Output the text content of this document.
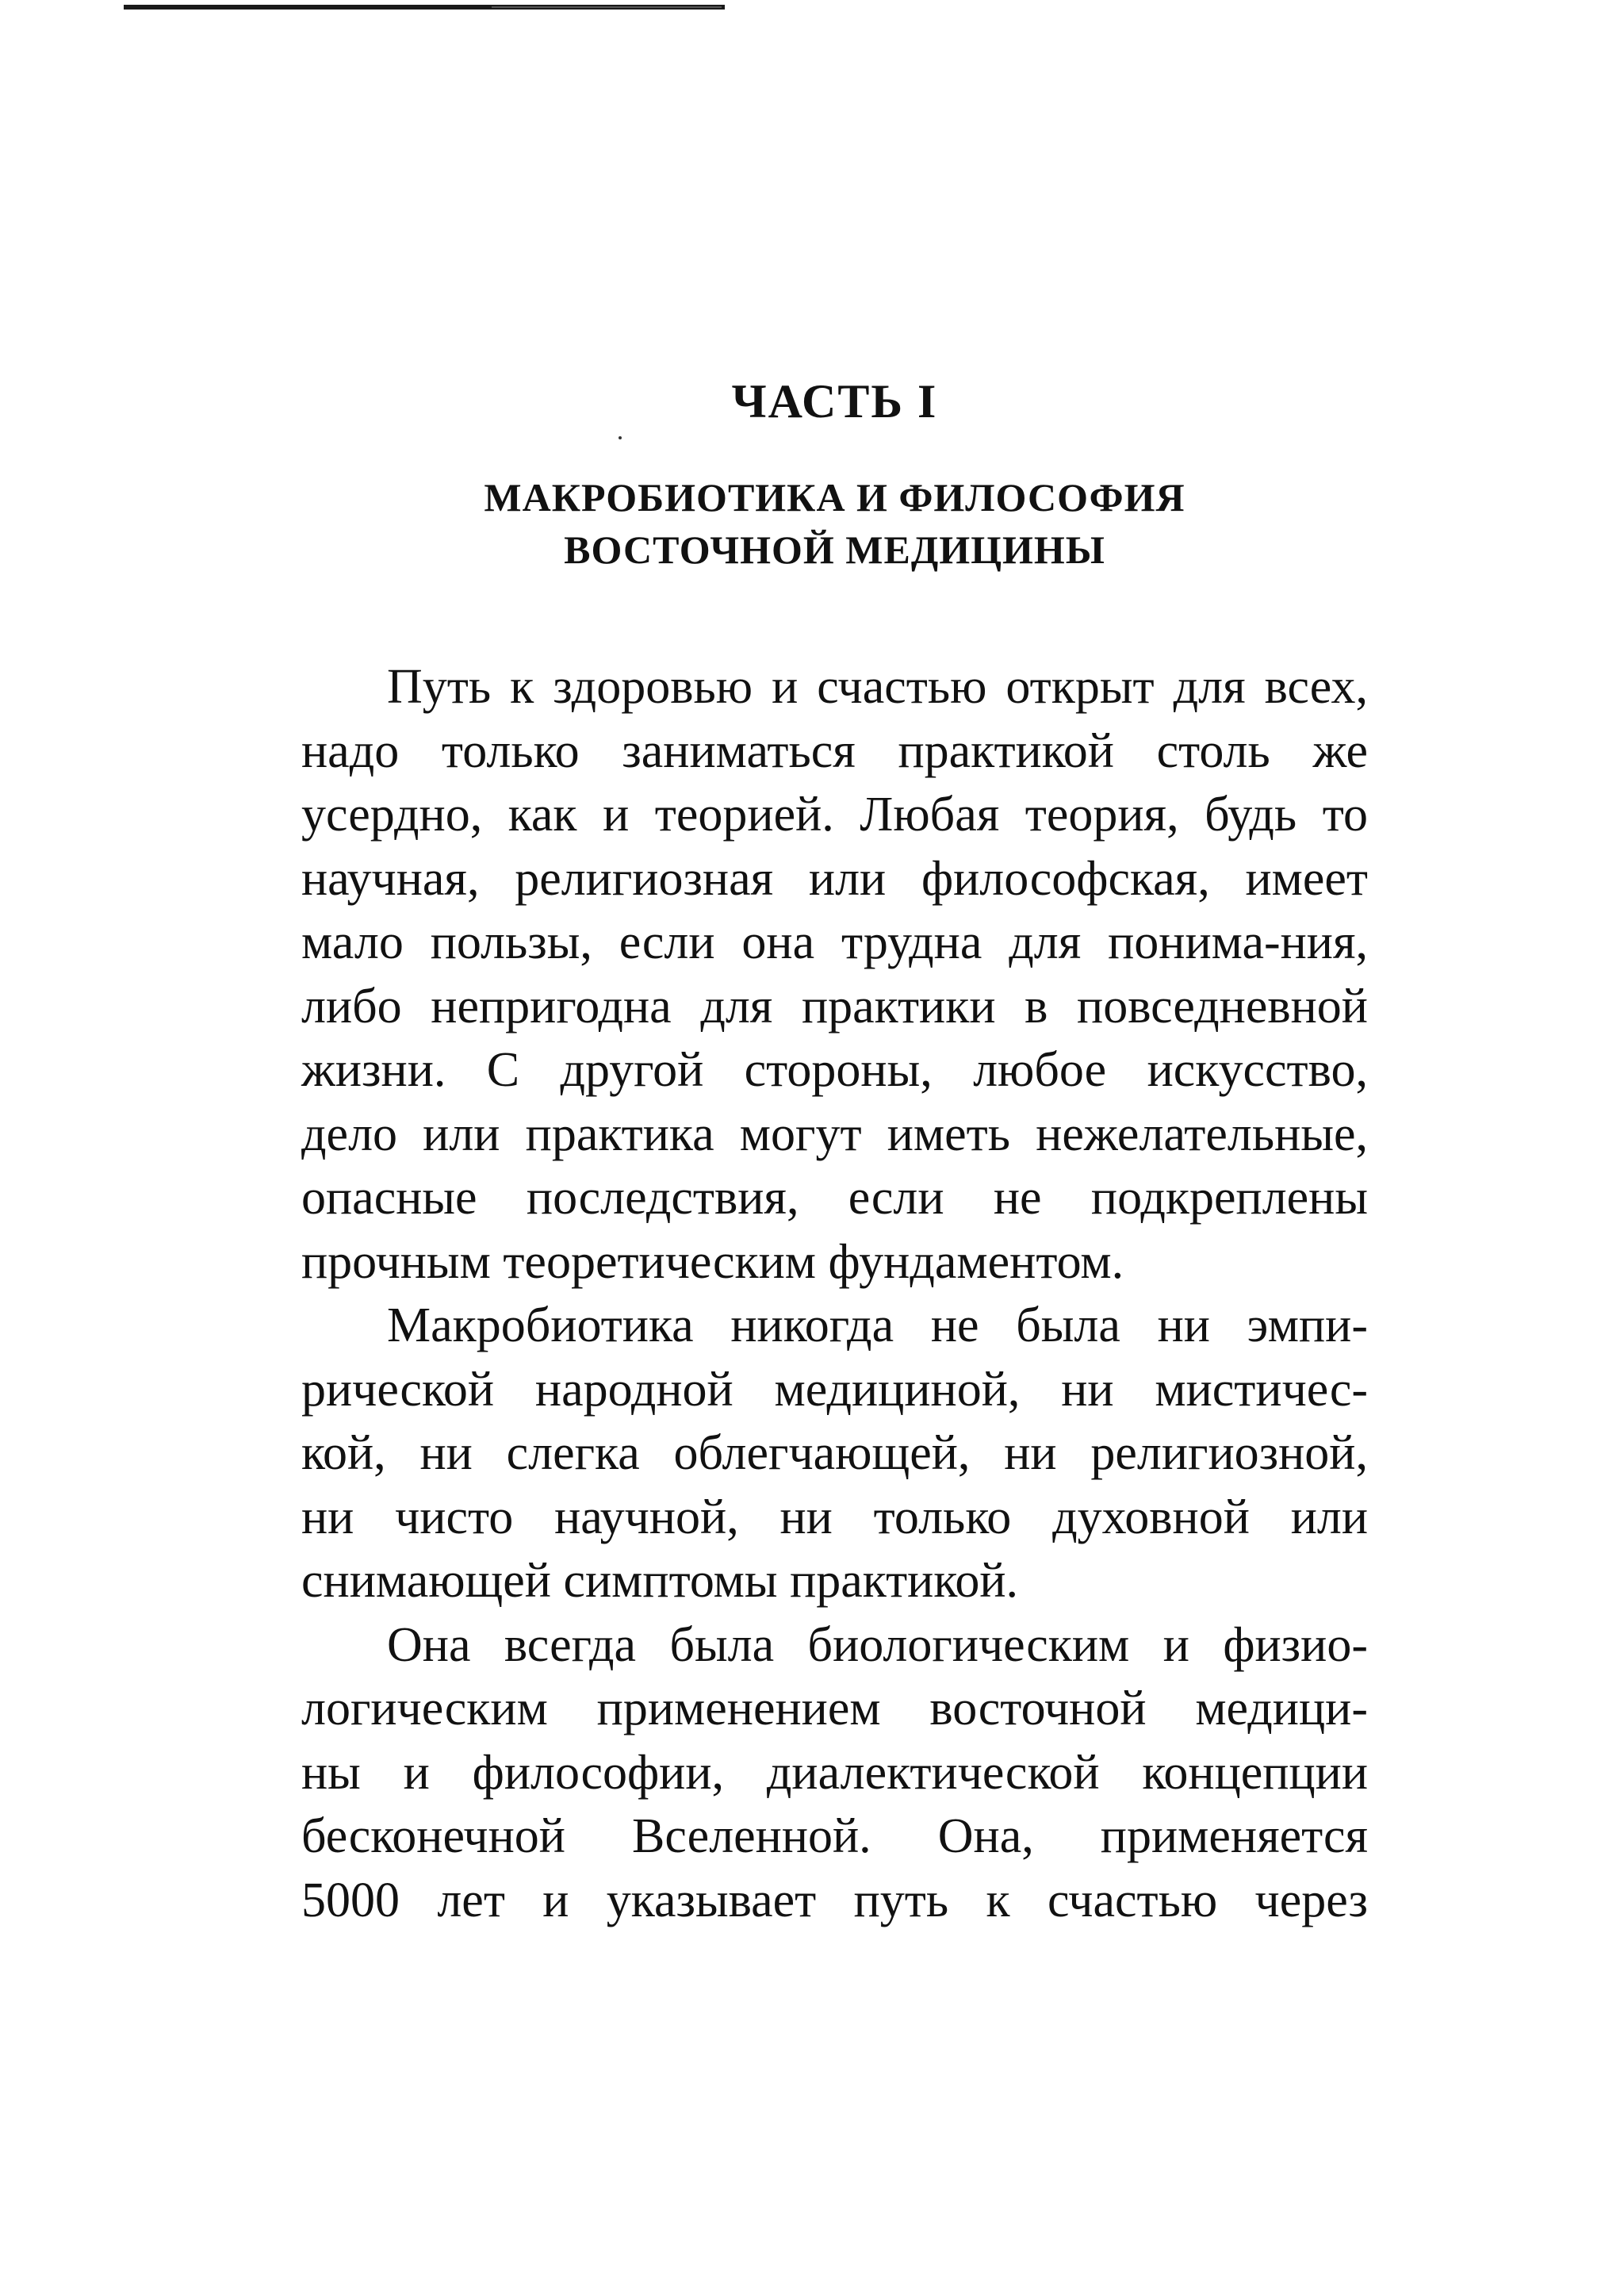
ЧАСТЬ I
МАКРОБИОТИКА И ФИЛОСОФИЯ
ВОСТОЧНОЙ МЕДИЦИНЫ
Путь к здоровью и счастью открыт для всех,
надо только заниматься практикой столь же
усердно, как и теорией. Любая теория, будь то
научная, религиозная или философская, имеет
мало пользы, если она трудна для понима-ния,
либо непригодна для практики в повседневной
жизни. С другой стороны, любое искусство,
дело или практика могут иметь нежелательные,
опасные последствия, если не подкреплены
прочным теоретическим фундаментом.
Макробиотика никогда не была ни эмпи-
рической народной медициной, ни мистичес-
кой, ни слегка облегчающей, ни религиозной,
ни чисто научной, ни только духовной или
снимающей симптомы практикой.
Она всегда была биологическим и физио-
логическим применением восточной медици-
ны и философии, диалектической концепции
бесконечной Вселенной. Она, применяется
5000 лет и указывает путь к счастью через
